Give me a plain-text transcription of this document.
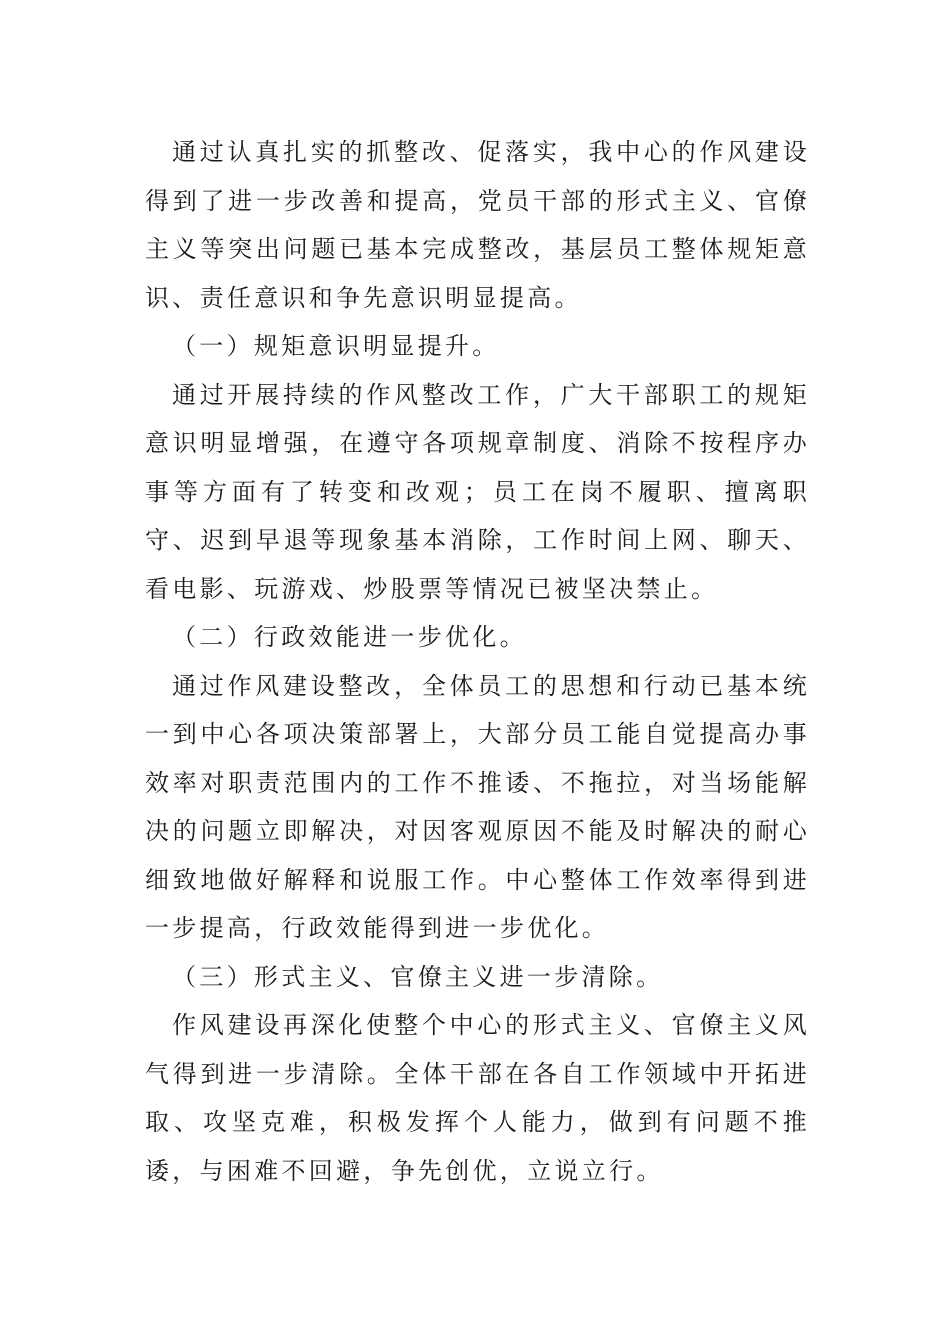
通过认真扎实的抓整改、促落实，我中心的作风建设得到了进一步改善和提高，党员干部的形式主义、官僚主义等突出问题已基本完成整改，基层员工整体规矩意识、责任意识和争先意识明显提高。

（一）规矩意识明显提升。

通过开展持续的作风整改工作，广大干部职工的规矩意识明显增强，在遵守各项规章制度、消除不按程序办事等方面有了转变和改观；员工在岗不履职、擅离职守、迟到早退等现象基本消除，工作时间上网、聊天、看电影、玩游戏、炒股票等情况已被坚决禁止。

（二）行政效能进一步优化。

通过作风建设整改，全体员工的思想和行动已基本统一到中心各项决策部署上，大部分员工能自觉提高办事效率对职责范围内的工作不推诿、不拖拉，对当场能解决的问题立即解决，对因客观原因不能及时解决的耐心细致地做好解释和说服工作。中心整体工作效率得到进一步提高，行政效能得到进一步优化。

（三）形式主义、官僚主义进一步清除。

作风建设再深化使整个中心的形式主义、官僚主义风气得到进一步清除。全体干部在各自工作领域中开拓进取、攻坚克难，积极发挥个人能力，做到有问题不推诿，与困难不回避，争先创优，立说立行。
